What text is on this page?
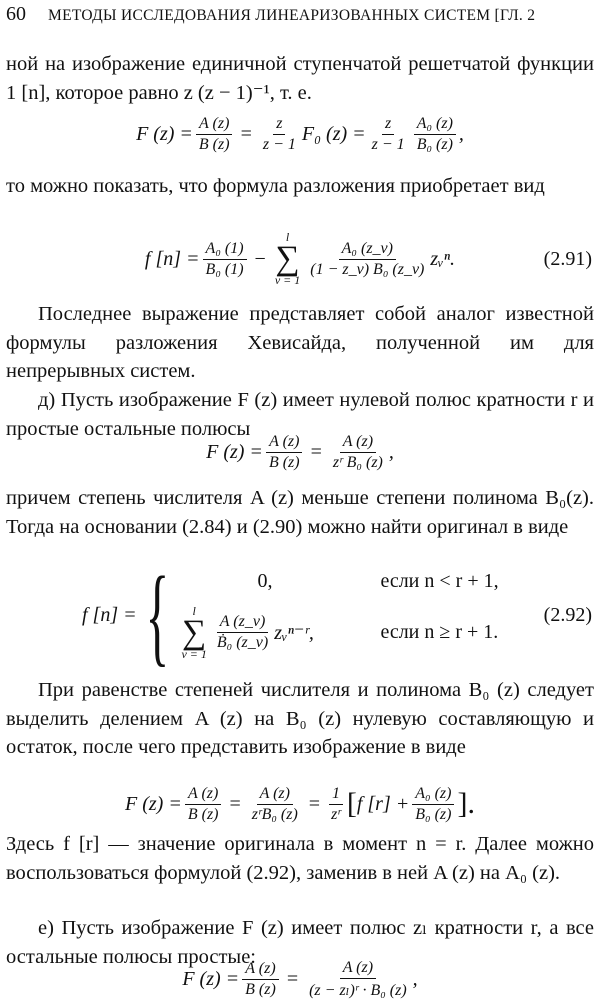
60 МЕТОДЫ ИССЛЕДОВАНИЯ ЛИНЕАРИЗОВАННЫХ СИСТЕМ [ГЛ. 2
ной на изображение единичной ступенчатой решетчатой функции 1 [n], которое равно z (z − 1)⁻¹, т. е.
F $(z) = \frac{A (z)}{B (z)} = \frac{z}{z - 1} F_0$ $(z) = \frac{z}{z - 1} \frac{\text{A₀ (z)}}{\text{B₀ (z)}}$ ,
то можно показать, что формула разложения приобретает вид
f $[n] = \frac{\text{A₀ (1)}}{\text{B₀ (1)}}$ −
l
∑
ν = 1
$\frac{\text{A₀ (z\_ν)}}{\text{(1 − z\_ν) B₀ (z\_ν)}}$ zᵥⁿ.	(2.91)
Последнее выражение представляет собой аналог известной формулы разложения Хевисайда, полученной им для непрерывных систем.
д) Пусть изображение F (z) имеет нулевой полюс кратности r и простые остальные полюсы
F $(z) = \frac{A (z)}{B (z)} = \frac{A (z)}{\text{zʳ B₀ (z)}}$ ,
причем степень числителя A (z) меньше степени полинома B₀(z). Тогда на основании (2.84) и (2.90) можно найти оригинал в виде
f [n] = {	0,	если n < r + 1,
l
∑
ν = 1
$\frac{A (z\_\nu)}{\text{Ḃ₀ (z\_ν)}}$ zᵥⁿ⁻ʳ,	если n ≥ r + 1.
(2.92)
При равенстве степеней числителя и полинома B₀ (z) следует выделить делением A (z) на B₀ (z) нулевую составляющую и остаток, после чего представить изображение в виде
F $(z) = \frac{A (z)}{B (z)} = \frac{A (z)}{\text{zʳB₀ (z)}} = \frac{1}{\text{zʳ}}$ [ f $[r] + \frac{\text{A₀ (z)}}{\text{B₀ (z)}}$ ].
Здесь f [r] — значение оригинала в момент n = r. Далее можно воспользоваться формулой (2.92), заменив в ней A (z) на A₀ (z).
е) Пусть изображение F (z) имеет полюс zₗ кратности r, а все остальные полюсы простые:
F $(z) = \frac{A (z)}{B (z)} = \frac{A (z)}{\text{(z − zₗ)ʳ · B₀ (z)}}$ ,
